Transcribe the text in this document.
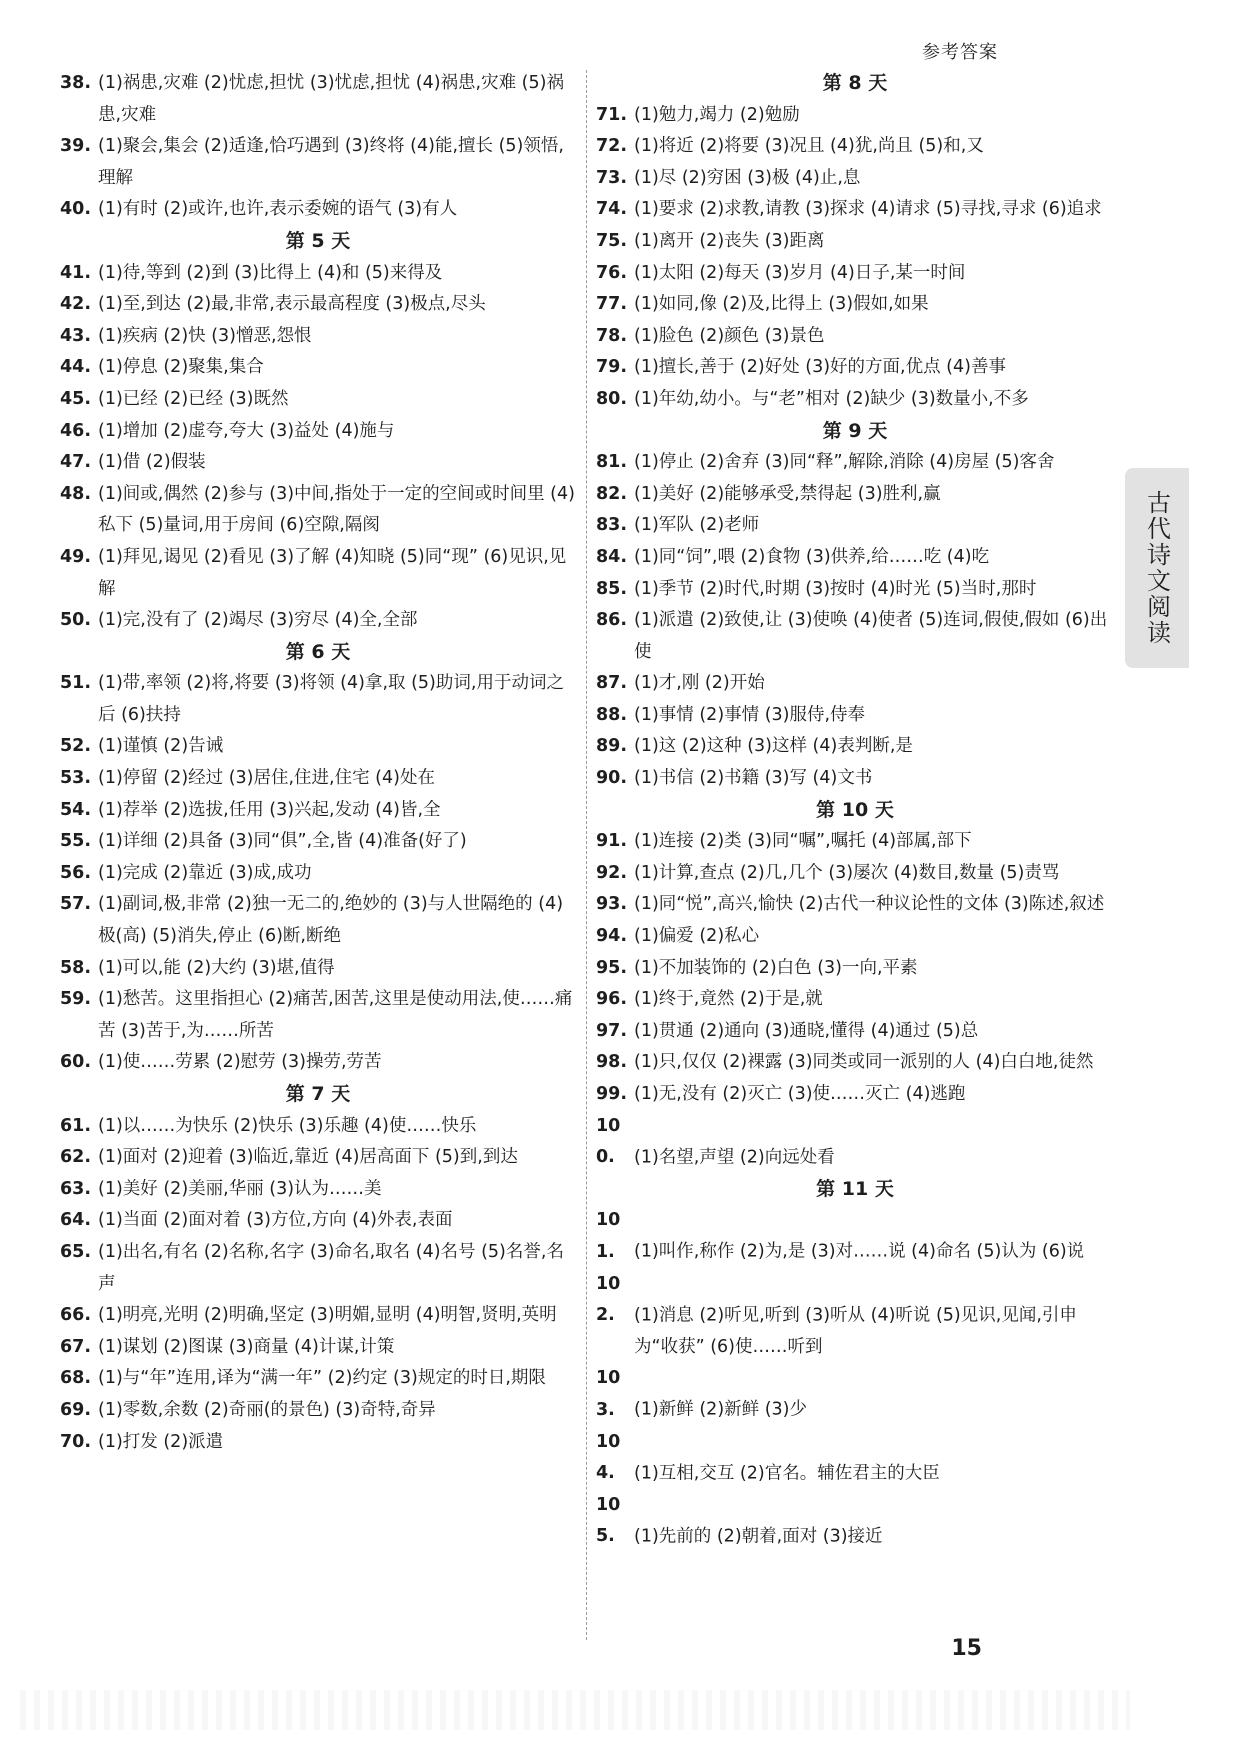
参考答案
38. (1)祸患,灾难 (2)忧虑,担忧 (3)忧虑,担忧 (4)祸患,灾难 (5)祸患,灾难
39. (1)聚会,集会 (2)适逢,恰巧遇到 (3)终将 (4)能,擅长 (5)领悟,理解
40. (1)有时 (2)或许,也许,表示委婉的语气 (3)有人
第 5 天
41. (1)待,等到 (2)到 (3)比得上 (4)和 (5)来得及
42. (1)至,到达 (2)最,非常,表示最高程度 (3)极点,尽头
43. (1)疾病 (2)快 (3)憎恶,怨恨
44. (1)停息 (2)聚集,集合
45. (1)已经 (2)已经 (3)既然
46. (1)增加 (2)虚夸,夸大 (3)益处 (4)施与
47. (1)借 (2)假装
48. (1)间或,偶然 (2)参与 (3)中间,指处于一定的空间或时间里 (4)私下 (5)量词,用于房间 (6)空隙,隔阂
49. (1)拜见,谒见 (2)看见 (3)了解 (4)知晓 (5)同“现” (6)见识,见解
50. (1)完,没有了 (2)竭尽 (3)穷尽 (4)全,全部
第 6 天
51. (1)带,率领 (2)将,将要 (3)将领 (4)拿,取 (5)助词,用于动词之后 (6)扶持
52. (1)谨慎 (2)告诫
53. (1)停留 (2)经过 (3)居住,住进,住宅 (4)处在
54. (1)荐举 (2)选拔,任用 (3)兴起,发动 (4)皆,全
55. (1)详细 (2)具备 (3)同“俱”,全,皆 (4)准备(好了)
56. (1)完成 (2)靠近 (3)成,成功
57. (1)副词,极,非常 (2)独一无二的,绝妙的 (3)与人世隔绝的 (4)极(高) (5)消失,停止 (6)断,断绝
58. (1)可以,能 (2)大约 (3)堪,值得
59. (1)愁苦。这里指担心 (2)痛苦,困苦,这里是使动用法,使……痛苦 (3)苦于,为……所苦
60. (1)使……劳累 (2)慰劳 (3)操劳,劳苦
第 7 天
61. (1)以……为快乐 (2)快乐 (3)乐趣 (4)使……快乐
62. (1)面对 (2)迎着 (3)临近,靠近 (4)居高面下 (5)到,到达
63. (1)美好 (2)美丽,华丽 (3)认为……美
64. (1)当面 (2)面对着 (3)方位,方向 (4)外表,表面
65. (1)出名,有名 (2)名称,名字 (3)命名,取名 (4)名号 (5)名誉,名声
66. (1)明亮,光明 (2)明确,坚定 (3)明媚,显明 (4)明智,贤明,英明
67. (1)谋划 (2)图谋 (3)商量 (4)计谋,计策
68. (1)与“年”连用,译为“满一年” (2)约定 (3)规定的时日,期限
69. (1)零数,余数 (2)奇丽(的景色) (3)奇特,奇异
70. (1)打发 (2)派遣
第 8 天
71. (1)勉力,竭力 (2)勉励
72. (1)将近 (2)将要 (3)况且 (4)犹,尚且 (5)和,又
73. (1)尽 (2)穷困 (3)极 (4)止,息
74. (1)要求 (2)求教,请教 (3)探求 (4)请求 (5)寻找,寻求 (6)追求
75. (1)离开 (2)丧失 (3)距离
76. (1)太阳 (2)每天 (3)岁月 (4)日子,某一时间
77. (1)如同,像 (2)及,比得上 (3)假如,如果
78. (1)脸色 (2)颜色 (3)景色
79. (1)擅长,善于 (2)好处 (3)好的方面,优点 (4)善事
80. (1)年幼,幼小。与“老”相对 (2)缺少 (3)数量小,不多
第 9 天
81. (1)停止 (2)舍弃 (3)同“释”,解除,消除 (4)房屋 (5)客舍
82. (1)美好 (2)能够承受,禁得起 (3)胜利,赢
83. (1)军队 (2)老师
84. (1)同“饲”,喂 (2)食物 (3)供养,给……吃 (4)吃
85. (1)季节 (2)时代,时期 (3)按时 (4)时光 (5)当时,那时
86. (1)派遣 (2)致使,让 (3)使唤 (4)使者 (5)连词,假使,假如 (6)出使
87. (1)才,刚 (2)开始
88. (1)事情 (2)事情 (3)服侍,侍奉
89. (1)这 (2)这种 (3)这样 (4)表判断,是
90. (1)书信 (2)书籍 (3)写 (4)文书
第 10 天
91. (1)连接 (2)类 (3)同“嘱”,嘱托 (4)部属,部下
92. (1)计算,查点 (2)几,几个 (3)屡次 (4)数目,数量 (5)责骂
93. (1)同“悦”,高兴,愉快 (2)古代一种议论性的文体 (3)陈述,叙述
94. (1)偏爱 (2)私心
95. (1)不加装饰的 (2)白色 (3)一向,平素
96. (1)终于,竟然 (2)于是,就
97. (1)贯通 (2)通向 (3)通晓,懂得 (4)通过 (5)总
98. (1)只,仅仅 (2)裸露 (3)同类或同一派别的人 (4)白白地,徒然
99. (1)无,没有 (2)灭亡 (3)使……灭亡 (4)逃跑
100. (1)名望,声望 (2)向远处看
第 11 天
101. (1)叫作,称作 (2)为,是 (3)对……说 (4)命名 (5)认为 (6)说
102. (1)消息 (2)听见,听到 (3)听从 (4)听说 (5)见识,见闻,引申为“收获” (6)使……听到
103. (1)新鲜 (2)新鲜 (3)少
104. (1)互相,交互 (2)官名。辅佐君主的大臣
105. (1)先前的 (2)朝着,面对 (3)接近
古代诗文阅读
15
